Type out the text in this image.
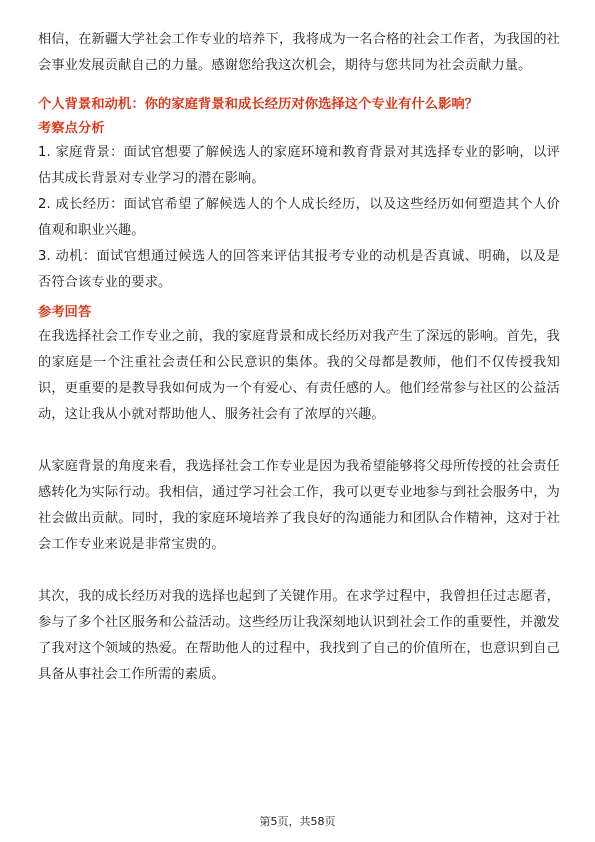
相信，在新疆大学社会工作专业的培养下，我将成为一名合格的社会工作者，为我国的社会事业发展贡献自己的力量。感谢您给我这次机会，期待与您共同为社会贡献力量。

个人背景和动机：你的家庭背景和成长经历对你选择这个专业有什么影响？

考察点分析

1. 家庭背景：面试官想要了解候选人的家庭环境和教育背景对其选择专业的影响，以评估其成长背景对专业学习的潜在影响。

2. 成长经历：面试官希望了解候选人的个人成长经历，以及这些经历如何塑造其个人价值观和职业兴趣。

3. 动机：面试官想通过候选人的回答来评估其报考专业的动机是否真诚、明确，以及是否符合该专业的要求。

参考回答

在我选择社会工作专业之前，我的家庭背景和成长经历对我产生了深远的影响。首先，我的家庭是一个注重社会责任和公民意识的集体。我的父母都是教师，他们不仅传授我知识，更重要的是教导我如何成为一个有爱心、有责任感的人。他们经常参与社区的公益活动，这让我从小就对帮助他人、服务社会有了浓厚的兴趣。

从家庭背景的角度来看，我选择社会工作专业是因为我希望能够将父母所传授的社会责任感转化为实际行动。我相信，通过学习社会工作，我可以更专业地参与到社会服务中，为社会做出贡献。同时，我的家庭环境培养了我良好的沟通能力和团队合作精神，这对于社会工作专业来说是非常宝贵的。

其次，我的成长经历对我的选择也起到了关键作用。在求学过程中，我曾担任过志愿者，参与了多个社区服务和公益活动。这些经历让我深刻地认识到社会工作的重要性，并激发了我对这个领域的热爱。在帮助他人的过程中，我找到了自己的价值所在，也意识到自己具备从事社会工作所需的素质。

第5页，共58页
